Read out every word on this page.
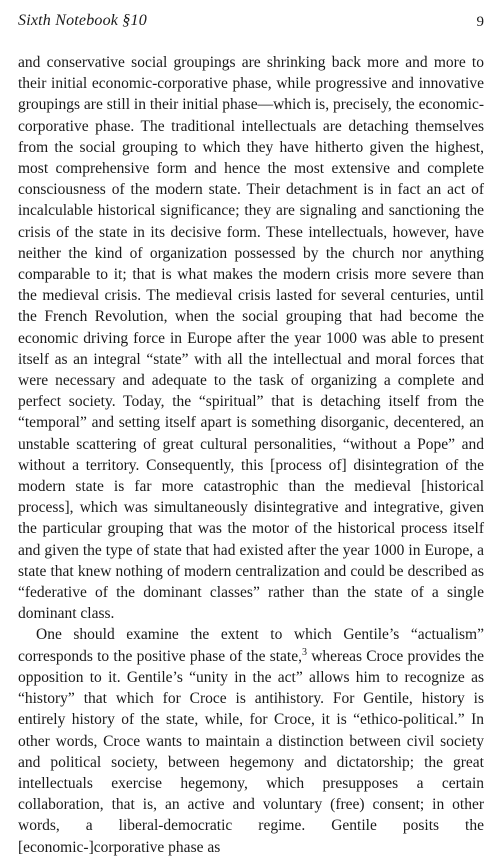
Sixth Notebook §10	9

and conservative social groupings are shrinking back more and more to their initial economic-corporative phase, while progressive and innovative groupings are still in their initial phase—which is, precisely, the economic-corporative phase. The traditional intellectuals are detaching themselves from the social grouping to which they have hitherto given the highest, most comprehensive form and hence the most extensive and complete consciousness of the modern state. Their detachment is in fact an act of incalculable historical significance; they are signaling and sanctioning the crisis of the state in its decisive form. These intellectuals, however, have neither the kind of organization possessed by the church nor anything comparable to it; that is what makes the modern crisis more severe than the medieval crisis. The medieval crisis lasted for several centuries, until the French Revolution, when the social grouping that had become the economic driving force in Europe after the year 1000 was able to present itself as an integral “state” with all the intellectual and moral forces that were necessary and adequate to the task of organizing a complete and perfect society. Today, the “spiritual” that is detaching itself from the “temporal” and setting itself apart is something disorganic, decentered, an unstable scattering of great cultural personalities, “without a Pope” and without a territory. Consequently, this [process of] disintegration of the modern state is far more catastrophic than the medieval [historical process], which was simultaneously disintegrative and integrative, given the particular grouping that was the motor of the historical process itself and given the type of state that had existed after the year 1000 in Europe, a state that knew nothing of modern centralization and could be described as “federative of the dominant classes” rather than the state of a single dominant class.

One should examine the extent to which Gentile’s “actualism” corresponds to the positive phase of the state,$^3$ whereas Croce provides the opposition to it. Gentile’s “unity in the act” allows him to recognize as “history” that which for Croce is antihistory. For Gentile, history is entirely history of the state, while, for Croce, it is “ethico-political.” In other words, Croce wants to maintain a distinction between civil society and political society, between hegemony and dictatorship; the great intellectuals exercise hegemony, which presupposes a certain collaboration, that is, an active and voluntary (free) consent; in other words, a liberal-democratic regime. Gentile posits the [economic-]corporative phase as
